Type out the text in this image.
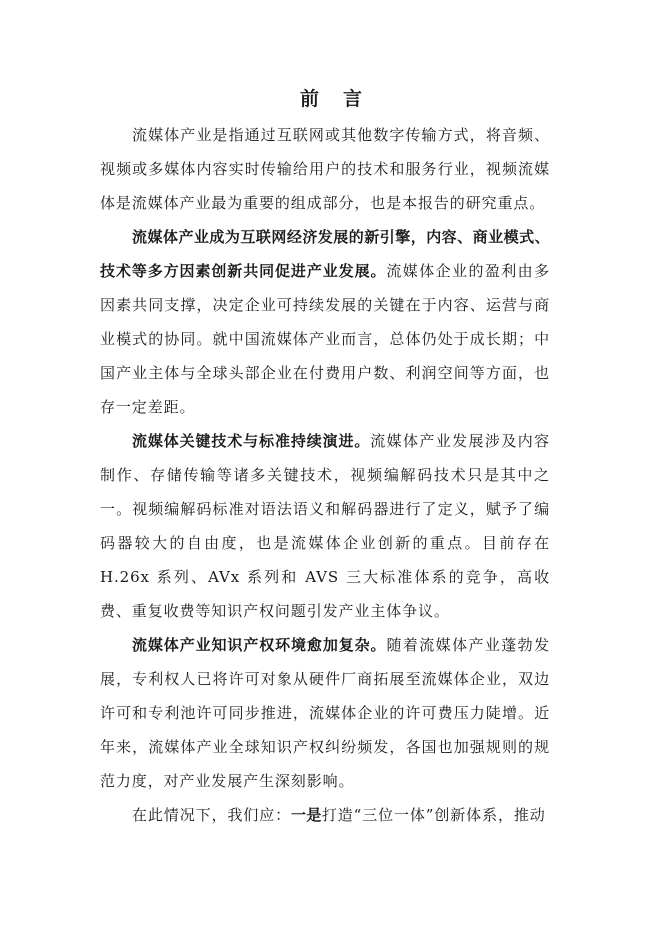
前 言

流媒体产业是指通过互联网或其他数字传输方式，将音频、视频或多媒体内容实时传输给用户的技术和服务行业，视频流媒体是流媒体产业最为重要的组成部分，也是本报告的研究重点。

流媒体产业成为互联网经济发展的新引擎，内容、商业模式、技术等多方因素创新共同促进产业发展。流媒体企业的盈利由多因素共同支撑，决定企业可持续发展的关键在于内容、运营与商业模式的协同。就中国流媒体产业而言，总体仍处于成长期；中国产业主体与全球头部企业在付费用户数、利润空间等方面，也存一定差距。

流媒体关键技术与标准持续演进。流媒体产业发展涉及内容制作、存储传输等诸多关键技术，视频编解码技术只是其中之一。视频编解码标准对语法语义和解码器进行了定义，赋予了编码器较大的自由度，也是流媒体企业创新的重点。目前存在 H.26x 系列、AVx 系列和 AVS 三大标准体系的竞争，高收费、重复收费等知识产权问题引发产业主体争议。

流媒体产业知识产权环境愈加复杂。随着流媒体产业蓬勃发展，专利权人已将许可对象从硬件厂商拓展至流媒体企业，双边许可和专利池许可同步推进，流媒体企业的许可费压力陡增。近年来，流媒体产业全球知识产权纠纷频发，各国也加强规则的规范力度，对产业发展产生深刻影响。

在此情况下，我们应：一是打造“三位一体”创新体系，推动
